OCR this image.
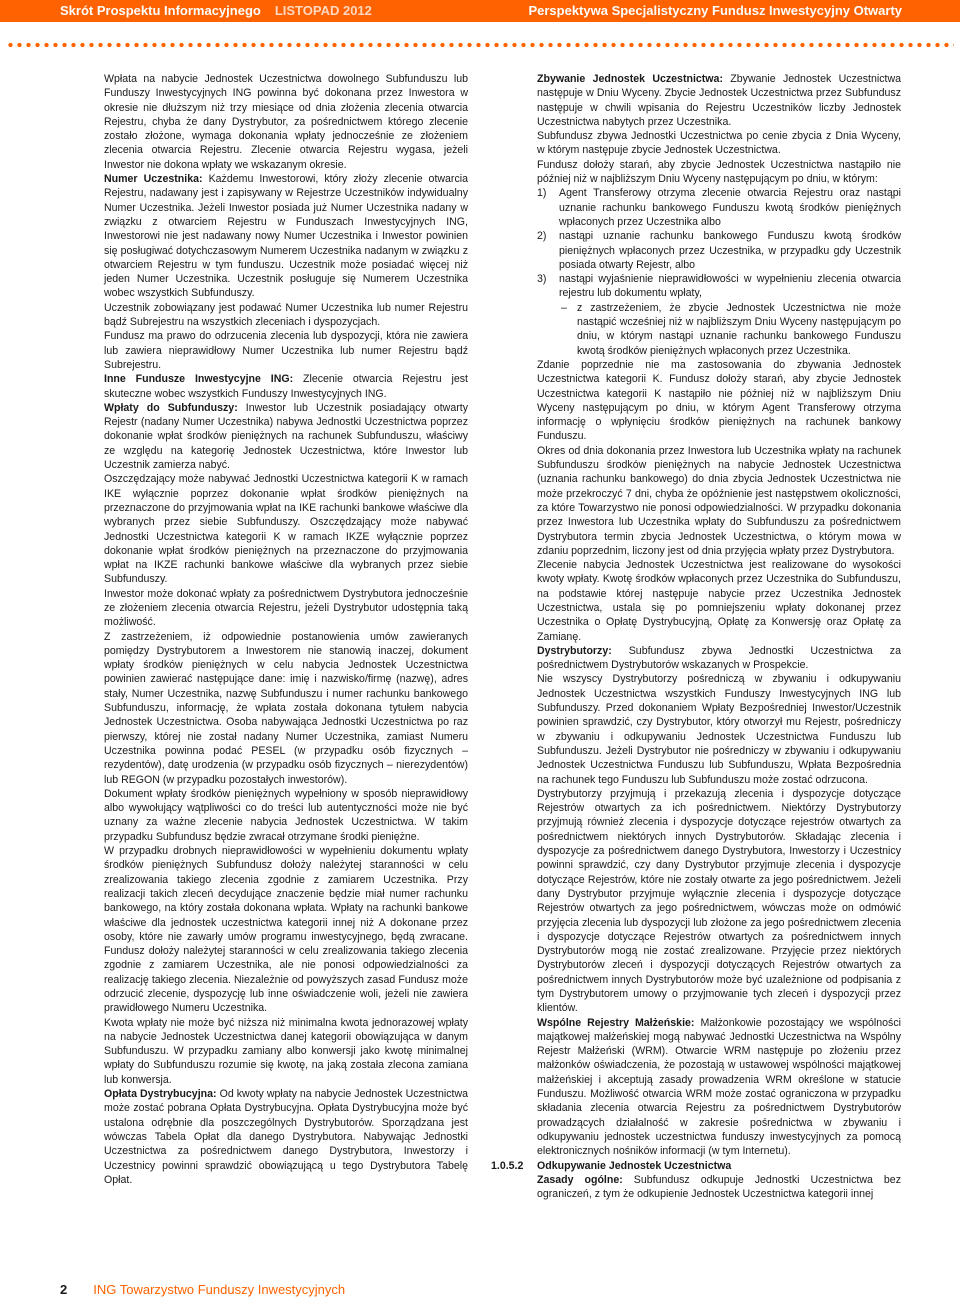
Skrót Prospektu Informacyjnego LISTOPAD 2012	Perspektywa Specjalistyczny Fundusz Inwestycyjny Otwarty

Wpłata na nabycie Jednostek Uczestnictwa dowolnego Subfunduszu lub Funduszy Inwestycyjnych ING powinna być dokonana przez Inwestora w okresie nie dłuższym niż trzy miesiące od dnia złożenia zlecenia otwarcia Rejestru, chyba że dany Dystrybutor, za pośrednictwem którego zlecenie zostało złożone, wymaga dokonania wpłaty jednocześnie ze złożeniem zlecenia otwarcia Rejestru. Zlecenie otwarcia Rejestru wygasa, jeżeli Inwestor nie dokona wpłaty we wskazanym okresie.

Numer Uczestnika: Każdemu Inwestorowi, który złoży zlecenie otwarcia Rejestru, nadawany jest i zapisywany w Rejestrze Uczestników indywidualny Numer Uczestnika. Jeżeli Inwestor posiada już Numer Uczestnika nadany w związku z otwarciem Rejestru w Funduszach Inwestycyjnych ING, Inwestorowi nie jest nadawany nowy Numer Uczestnika i Inwestor powinien się posługiwać dotychczasowym Numerem Uczestnika nadanym w związku z otwarciem Rejestru w tym funduszu. Uczestnik może posiadać więcej niż jeden Numer Uczestnika. Uczestnik posługuje się Numerem Uczestnika wobec wszystkich Subfunduszy.

Uczestnik zobowiązany jest podawać Numer Uczestnika lub numer Rejestru bądź Subrejestru na wszystkich zleceniach i dyspozycjach.

Fundusz ma prawo do odrzucenia zlecenia lub dyspozycji, która nie zawiera lub zawiera nieprawidłowy Numer Uczestnika lub numer Rejestru bądź Subrejestru.

Inne Fundusze Inwestycyjne ING: Zlecenie otwarcia Rejestru jest skuteczne wobec wszystkich Funduszy Inwestycyjnych ING.

Wpłaty do Subfunduszy: Inwestor lub Uczestnik posiadający otwarty Rejestr (nadany Numer Uczestnika) nabywa Jednostki Uczestnictwa poprzez dokonanie wpłat środków pieniężnych na rachunek Subfunduszu, właściwy ze względu na kategorię Jednostek Uczestnictwa, które Inwestor lub Uczestnik zamierza nabyć.

Oszczędzający może nabywać Jednostki Uczestnictwa kategorii K w ramach IKE wyłącznie poprzez dokonanie wpłat środków pieniężnych na przeznaczone do przyjmowania wpłat na IKE rachunki bankowe właściwe dla wybranych przez siebie Subfunduszy. Oszczędzający może nabywać Jednostki Uczestnictwa kategorii K w ramach IKZE wyłącznie poprzez dokonanie wpłat środków pieniężnych na przeznaczone do przyjmowania wpłat na IKZE rachunki bankowe właściwe dla wybranych przez siebie Subfunduszy.

Inwestor może dokonać wpłaty za pośrednictwem Dystrybutora jednocześnie ze złożeniem zlecenia otwarcia Rejestru, jeżeli Dystrybutor udostępnia taką możliwość.

Z zastrzeżeniem, iż odpowiednie postanowienia umów zawieranych pomiędzy Dystrybutorem a Inwestorem nie stanowią inaczej, dokument wpłaty środków pieniężnych w celu nabycia Jednostek Uczestnictwa powinien zawierać następujące dane: imię i nazwisko/firmę (nazwę), adres stały, Numer Uczestnika, nazwę Subfunduszu i numer rachunku bankowego Subfunduszu, informację, że wpłata została dokonana tytułem nabycia Jednostek Uczestnictwa. Osoba nabywająca Jednostki Uczestnictwa po raz pierwszy, której nie został nadany Numer Uczestnika, zamiast Numeru Uczestnika powinna podać PESEL (w przypadku osób fizycznych – rezydentów), datę urodzenia (w przypadku osób fizycznych – nierezydentów) lub REGON (w przypadku pozostałych inwestorów).

Dokument wpłaty środków pieniężnych wypełniony w sposób nieprawidłowy albo wywołujący wątpliwości co do treści lub autentyczności może nie być uznany za ważne zlecenie nabycia Jednostek Uczestnictwa. W takim przypadku Subfundusz będzie zwracał otrzymane środki pieniężne.

W przypadku drobnych nieprawidłowości w wypełnieniu dokumentu wpłaty środków pieniężnych Subfundusz dołoży należytej staranności w celu zrealizowania takiego zlecenia zgodnie z zamiarem Uczestnika. Przy realizacji takich zleceń decydujące znaczenie będzie miał numer rachunku bankowego, na który została dokonana wpłata. Wpłaty na rachunki bankowe właściwe dla jednostek uczestnictwa kategorii innej niż A dokonane przez osoby, które nie zawarły umów programu inwestycyjnego, będą zwracane. Fundusz dołoży należytej staranności w celu zrealizowania takiego zlecenia zgodnie z zamiarem Uczestnika, ale nie ponosi odpowiedzialności za realizację takiego zlecenia. Niezależnie od powyższych zasad Fundusz może odrzucić zlecenie, dyspozycję lub inne oświadczenie woli, jeżeli nie zawiera prawidłowego Numeru Uczestnika.

Kwota wpłaty nie może być niższa niż minimalna kwota jednorazowej wpłaty na nabycie Jednostek Uczestnictwa danej kategorii obowiązująca w danym Subfunduszu. W przypadku zamiany albo konwersji jako kwotę minimalnej wpłaty do Subfunduszu rozumie się kwotę, na jaką została zlecona zamiana lub konwersja.

Opłata Dystrybucyjna: Od kwoty wpłaty na nabycie Jednostek Uczestnictwa może zostać pobrana Opłata Dystrybucyjna. Opłata Dystrybucyjna może być ustalona odrębnie dla poszczególnych Dystrybutorów. Sporządzana jest wówczas Tabela Opłat dla danego Dystrybutora. Nabywając Jednostki Uczestnictwa za pośrednictwem danego Dystrybutora, Inwestorzy i Uczestnicy powinni sprawdzić obowiązującą u tego Dystrybutora Tabelę Opłat.

Zbywanie Jednostek Uczestnictwa: Zbywanie Jednostek Uczestnictwa następuje w Dniu Wyceny. Zbycie Jednostek Uczestnictwa przez Subfundusz następuje w chwili wpisania do Rejestru Uczestników liczby Jednostek Uczestnictwa nabytych przez Uczestnika.

Subfundusz zbywa Jednostki Uczestnictwa po cenie zbycia z Dnia Wyceny, w którym następuje zbycie Jednostek Uczestnictwa.

Fundusz dołoży starań, aby zbycie Jednostek Uczestnictwa nastąpiło nie później niż w najbliższym Dniu Wyceny następującym po dniu, w którym:

1) Agent Transferowy otrzyma zlecenie otwarcia Rejestru oraz nastąpi uznanie rachunku bankowego Funduszu kwotą środków pieniężnych wpłaconych przez Uczestnika albo
2) nastąpi uznanie rachunku bankowego Funduszu kwotą środków pieniężnych wpłaconych przez Uczestnika, w przypadku gdy Uczestnik posiada otwarty Rejestr, albo
3) nastąpi wyjaśnienie nieprawidłowości w wypełnieniu zlecenia otwarcia rejestru lub dokumentu wpłaty,

– z zastrzeżeniem, że zbycie Jednostek Uczestnictwa nie może nastąpić wcześniej niż w najbliższym Dniu Wyceny następującym po dniu, w którym nastąpi uznanie rachunku bankowego Funduszu kwotą środków pieniężnych wpłaconych przez Uczestnika.

Zdanie poprzednie nie ma zastosowania do zbywania Jednostek Uczestnictwa kategorii K. Fundusz dołoży starań, aby zbycie Jednostek Uczestnictwa kategorii K nastąpiło nie później niż w najbliższym Dniu Wyceny następującym po dniu, w którym Agent Transferowy otrzyma informację o wpłynięciu środków pieniężnych na rachunek bankowy Funduszu.

Okres od dnia dokonania przez Inwestora lub Uczestnika wpłaty na rachunek Subfunduszu środków pieniężnych na nabycie Jednostek Uczestnictwa (uznania rachunku bankowego) do dnia zbycia Jednostek Uczestnictwa nie może przekroczyć 7 dni, chyba że opóźnienie jest następstwem okoliczności, za które Towarzystwo nie ponosi odpowiedzialności. W przypadku dokonania przez Inwestora lub Uczestnika wpłaty do Subfunduszu za pośrednictwem Dystrybutora termin zbycia Jednostek Uczestnictwa, o którym mowa w zdaniu poprzednim, liczony jest od dnia przyjęcia wpłaty przez Dystrybutora.

Zlecenie nabycia Jednostek Uczestnictwa jest realizowane do wysokości kwoty wpłaty. Kwotę środków wpłaconych przez Uczestnika do Subfunduszu, na podstawie której następuje nabycie przez Uczestnika Jednostek Uczestnictwa, ustala się po pomniejszeniu wpłaty dokonanej przez Uczestnika o Opłatę Dystrybucyjną, Opłatę za Konwersję oraz Opłatę za Zamianę.

Dystrybutorzy: Subfundusz zbywa Jednostki Uczestnictwa za pośrednictwem Dystrybutorów wskazanych w Prospekcie.

Nie wszyscy Dystrybutorzy pośredniczą w zbywaniu i odkupywaniu Jednostek Uczestnictwa wszystkich Funduszy Inwestycyjnych ING lub Subfunduszy. Przed dokonaniem Wpłaty Bezpośredniej Inwestor/Uczestnik powinien sprawdzić, czy Dystrybutor, który otworzył mu Rejestr, pośredniczy w zbywaniu i odkupywaniu Jednostek Uczestnictwa Funduszu lub Subfunduszu. Jeżeli Dystrybutor nie pośredniczy w zbywaniu i odkupywaniu Jednostek Uczestnictwa Funduszu lub Subfunduszu, Wpłata Bezpośrednia na rachunek tego Funduszu lub Subfunduszu może zostać odrzucona.

Dystrybutorzy przyjmują i przekazują zlecenia i dyspozycje dotyczące Rejestrów otwartych za ich pośrednictwem. Niektórzy Dystrybutorzy przyjmują również zlecenia i dyspozycje dotyczące rejestrów otwartych za pośrednictwem niektórych innych Dystrybutorów. Składając zlecenia i dyspozycje za pośrednictwem danego Dystrybutora, Inwestorzy i Uczestnicy powinni sprawdzić, czy dany Dystrybutor przyjmuje zlecenia i dyspozycje dotyczące Rejestrów, które nie zostały otwarte za jego pośrednictwem. Jeżeli dany Dystrybutor przyjmuje wyłącznie zlecenia i dyspozycje dotyczące Rejestrów otwartych za jego pośrednictwem, wówczas może on odmówić przyjęcia zlecenia lub dyspozycji lub złożone za jego pośrednictwem zlecenia i dyspozycje dotyczące Rejestrów otwartych za pośrednictwem innych Dystrybutorów mogą nie zostać zrealizowane. Przyjęcie przez niektórych Dystrybutorów zleceń i dyspozycji dotyczących Rejestrów otwartych za pośrednictwem innych Dystrybutorów może być uzależnione od podpisania z tym Dystrybutorem umowy o przyjmowanie tych zleceń i dyspozycji przez klientów.

Wspólne Rejestry Małżeńskie: Małżonkowie pozostający we wspólności majątkowej małżeńskiej mogą nabywać Jednostki Uczestnictwa na Wspólny Rejestr Małżeński (WRM). Otwarcie WRM następuje po złożeniu przez małżonków oświadczenia, że pozostają w ustawowej wspólności majątkowej małżeńskiej i akceptują zasady prowadzenia WRM określone w statucie Funduszu. Możliwość otwarcia WRM może zostać ograniczona w przypadku składania zlecenia otwarcia Rejestru za pośrednictwem Dystrybutorów prowadzących działalność w zakresie pośrednictwa w zbywaniu i odkupywaniu jednostek uczestnictwa funduszy inwestycyjnych za pomocą elektronicznych nośników informacji (w tym Internetu).

1.0.5.2 Odkupywanie Jednostek Uczestnictwa

Zasady ogólne: Subfundusz odkupuje Jednostki Uczestnictwa bez ograniczeń, z tym że odkupienie Jednostek Uczestnictwa kategorii innej

2 ING Towarzystwo Funduszy Inwestycyjnych
